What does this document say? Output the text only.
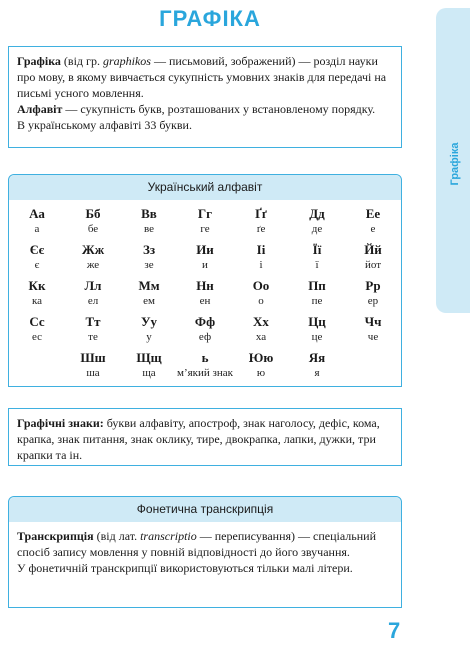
ГРАФІКА
Графіка

Графіка (від гр. graphikos — письмовий, зображений) — розділ науки про мову, в якому вивчається сукупність умовних знаків для передачі на письмі усного мовлення.

Алфавіт — сукупність букв, розташованих у встановленому порядку.

В українському алфавіті 33 букви.

Український алфавіт
Аа
а
Бб
бе
Вв
ве
Гг
ге
Ґґ
ґе
Дд
де
Ее
е
Єє
є
Жж
же
Зз
зе
Ии
и
Іі
і
Її
ї
Йй
йот
Кк
ка
Лл
ел
Мм
ем
Нн
ен
Оо
о
Пп
пе
Рр
ер
Сс
ес
Тт
те
Уу
у
Фф
еф
Хх
ха
Цц
це
Чч
че
Шш
ша
Щщ
ща
ь
м’який знак
Юю
ю
Яя
я

Графічні знаки: букви алфавіту, апостроф, знак наголосу, дефіс, кома, крапка, знак питання, знак оклику, тире, двокрапка, лапки, дужки, три крапки та ін.

Фонетична транскрипція

Транскрипція (від лат. transcriptio — переписування) — спеціальний спосіб запису мовлення у повній відповідності до його звучання.

У фонетичній транскрипції використовуються тільки малі літери.

7
